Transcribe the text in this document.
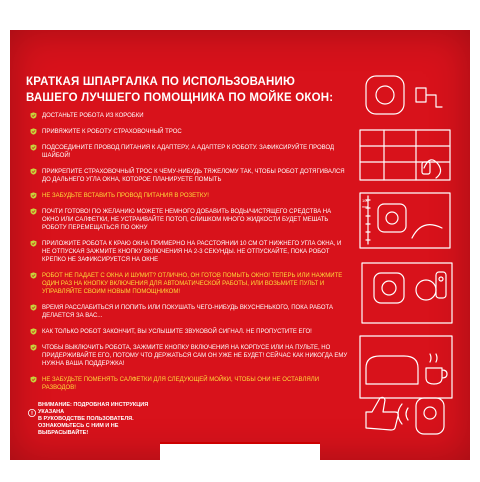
КРАТКАЯ ШПАРГАЛКА ПО ИСПОЛЬЗОВАНИЮ
ВАШЕГО ЛУЧШЕГО ПОМОЩНИКА ПО МОЙКЕ ОКОН:
ДОСТАНЬТЕ РОБОТА ИЗ КОРОБКИ
ПРИВЯЖИТЕ К РОБОТУ СТРАХОВОЧНЫЙ ТРОС
ПОДСОЕДИНИТЕ ПРОВОД ПИТАНИЯ К АДАПТЕРУ, А АДАПТЕР К РОБОТУ. ЗАФИКСИРУЙТЕ ПРОВОД ШАЙБОЙ!
ПРИКРЕПИТЕ СТРАХОВОЧНЫЙ ТРОС К ЧЕМУ-НИБУДЬ ТЯЖЕЛОМУ ТАК, ЧТОБЫ РОБОТ ДОТЯГИВАЛСЯ ДО ДАЛЬНЕГО УГЛА ОКНА, КОТОРОЕ ПЛАНИРУЕТЕ ПОМЫТЬ
НЕ ЗАБУДЬТЕ ВСТАВИТЬ ПРОВОД ПИТАНИЯ В РОЗЕТКУ!
ПОЧТИ ГОТОВО! ПО ЖЕЛАНИЮ МОЖЕТЕ НЕМНОГО ДОБАВИТЬ ВОДЫ/ЧИСТЯЩЕГО СРЕДСТВА НА ОКНО ИЛИ САЛФЕТКИ, НЕ УСТРАИВАЙТЕ ПОТОП, СЛИШКОМ МНОГО ЖИДКОСТИ БУДЕТ МЕШАТЬ РОБОТУ ПЕРЕМЕЩАТЬСЯ ПО ОКНУ
ПРИЛОЖИТЕ РОБОТА К КРАЮ ОКНА ПРИМЕРНО НА РАССТОЯНИИ 10 СМ ОТ НИЖНЕГО УГЛА ОКНА, И НЕ ОТПУСКАЯ ЗАЖМИТЕ КНОПКУ ВКЛЮЧЕНИЯ НА 2-3 СЕКУНДЫ. НЕ ОТПУСКАЙТЕ, ПОКА РОБОТ КРЕПКО НЕ ЗАФИКСИРУЕТСЯ НА ОКНЕ
РОБОТ НЕ ПАДАЕТ С ОКНА И ШУМИТ? ОТЛИЧНО, ОН ГОТОВ ПОМЫТЬ ОКНО! ТЕПЕРЬ ИЛИ НАЖМИТЕ ОДИН РАЗ НА КНОПКУ ВКЛЮЧЕНИЯ ДЛЯ АВТОМАТИЧЕСКОЙ РАБОТЫ, ИЛИ ВОЗЬМИТЕ ПУЛЬТ И УПРАВЛЯЙТЕ СВОИМ НОВЫМ ПОМОЩНИКОМ!
ВРЕМЯ РАССЛАБИТЬСЯ И ПОПИТЬ ИЛИ ПОКУШАТЬ ЧЕГО-НИБУДЬ ВКУСНЕНЬКОГО, ПОКА РАБОТА ДЕЛАЕТСЯ ЗА ВАС...
КАК ТОЛЬКО РОБОТ ЗАКОНЧИТ, ВЫ УСЛЫШИТЕ ЗВУКОВОЙ СИГНАЛ. НЕ ПРОПУСТИТЕ ЕГО!
ЧТОБЫ ВЫКЛЮЧИТЬ РОБОТА, ЗАЖМИТЕ КНОПКУ ВКЛЮЧЕНИЯ НА КОРПУСЕ ИЛИ НА ПУЛЬТЕ, НО ПРИДЕРЖИВАЙТЕ ЕГО, ПОТОМУ ЧТО ДЕРЖАТЬСЯ САМ ОН УЖЕ НЕ БУДЕТ! СЕЙЧАС КАК НИКОГДА ЕМУ НУЖНА ВАША ПОДДЕРЖКА!
НЕ ЗАБУДЬТЕ ПОМЕНЯТЬ САЛФЕТКИ ДЛЯ СЛЕДУЮЩЕЙ МОЙКИ, ЧТОБЫ ОНИ НЕ ОСТАВЛЯЛИ РАЗВОДОВ!
ВНИМАНИЕ: ПОДРОБНАЯ ИНСТРУКЦИЯ УКАЗАНА
В РУКОВОДСТВЕ ПОЛЬЗОВАТЕЛЯ.
ОЗНАКОМЬТЕСЬ С НИМ И НЕ ВЫБРАСЫВАЙТЕ!
100
mm
